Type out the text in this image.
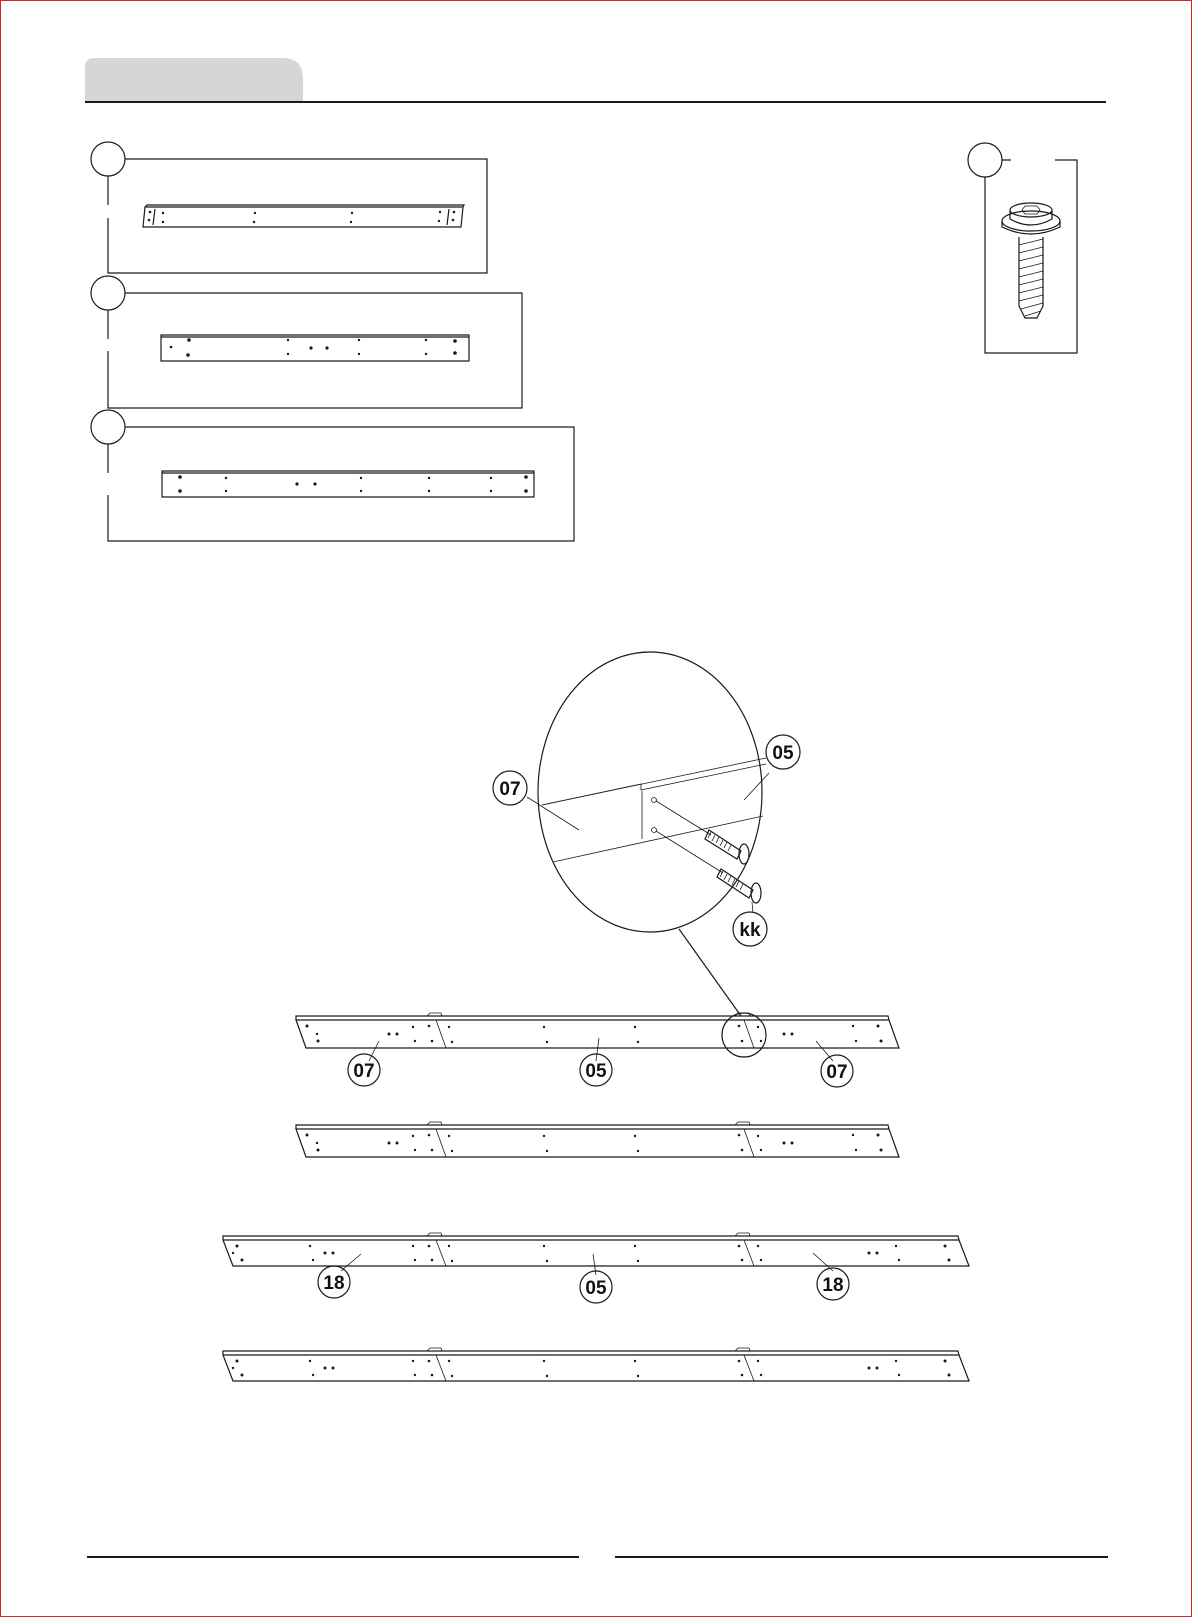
07
05
kk
07	05	07
18	05	18
